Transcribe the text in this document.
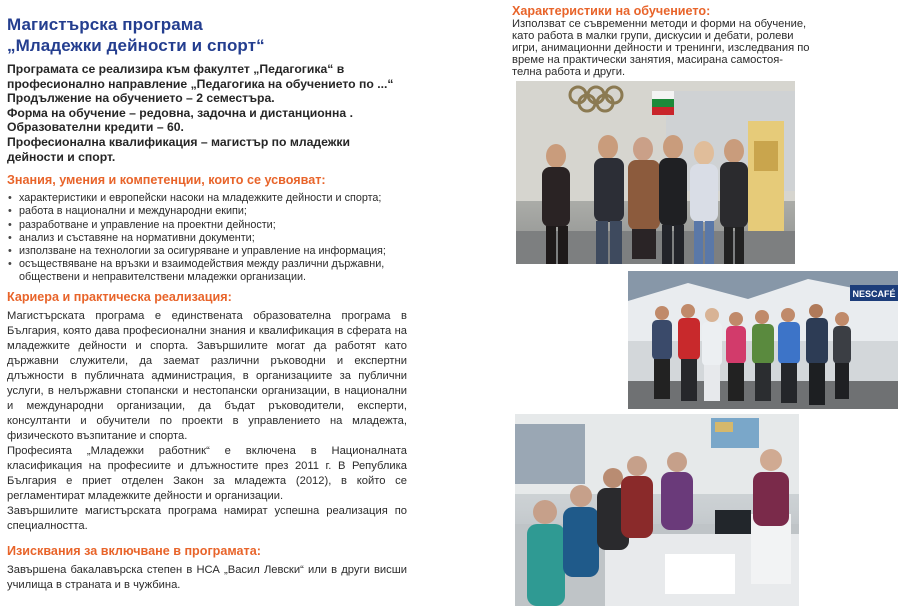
Магистърска програма
„Младежки дейности и спорт“
Програмата се реализира към факултет „Педагогика“ в
професионално направление „Педагогика на обучението по ...“
Продължение на обучението – 2 семестъра.
Форма на обучение – редовна, задочна и дистанционна .
Образователни кредити – 60.
Професионална квалификация – магистър по младежки
дейности и спорт.
Знания, умения и компетенции, които се усвояват:
• характеристики и европейски насоки на младежките дейности и спорта;
• работа в национални и международни екипи;
• разработване и управление на проектни дейности;
• анализ и съставяне на нормативни документи;
• използване на технологии за осигуряване и управление на информация;
• осъществяване на връзки и взаимодействия между различни държавни,
обществени и неправителствени младежки организации.
Кариера и практическа реализация:

Магистърската програма е единствената образователна програма в България, която дава професионални знания и квалификация в сферата на младежките дейности и спорта. Завършилите могат да работят като държавни служители, да заемат различни ръководни и експертни длъжности в публичната администрация, в организациите за публични услуги, в нелържавни стопански и нестопански организации, в национални и международни организации, да бъдат ръководители, експерти, консултанти и обучители по проекти в управлението на младежта, физическото възпитание и спорта.

Професията „Младежки работник“ е включена в Националната класификация на професиите и длъжностите през 2011 г. В Република България е приет отделен Закон за младежта (2012), в който се регламентират младежките дейности и организации.

Завършилите магистърската програма намират успешна реализация по специалността.

Изисквания за включване в програмата:
Завършена бакалавърска степен в НСА „Васил Левски“ или в други висши училища в страната и в чужбина.
Характеристики на обучението:
Използват се съвременни методи и форми на обучение,
като работа в малки групи, дискусии и дебати, ролеви
игри, анимационни дейности и тренинги, изследвания по
време на практически занятия, масирана самостоя-
телна работа и други.
NESCAFÉ
